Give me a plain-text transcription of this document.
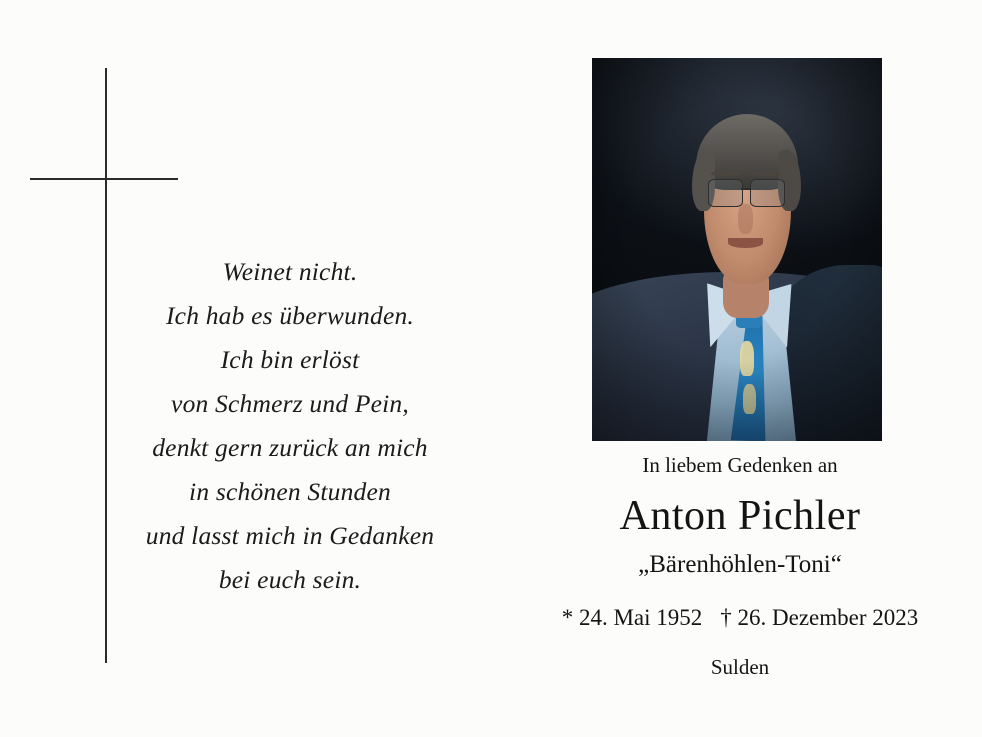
Weinet nicht.
Ich hab es überwunden.
Ich bin erlöst
von Schmerz und Pein,
denkt gern zurück an mich
in schönen Stunden
und lasst mich in Gedanken
bei euch sein.
In liebem Gedenken an
Anton Pichler
„Bärenhöhlen-Toni“
* 24. Mai 1952 † 26. Dezember 2023
Sulden
